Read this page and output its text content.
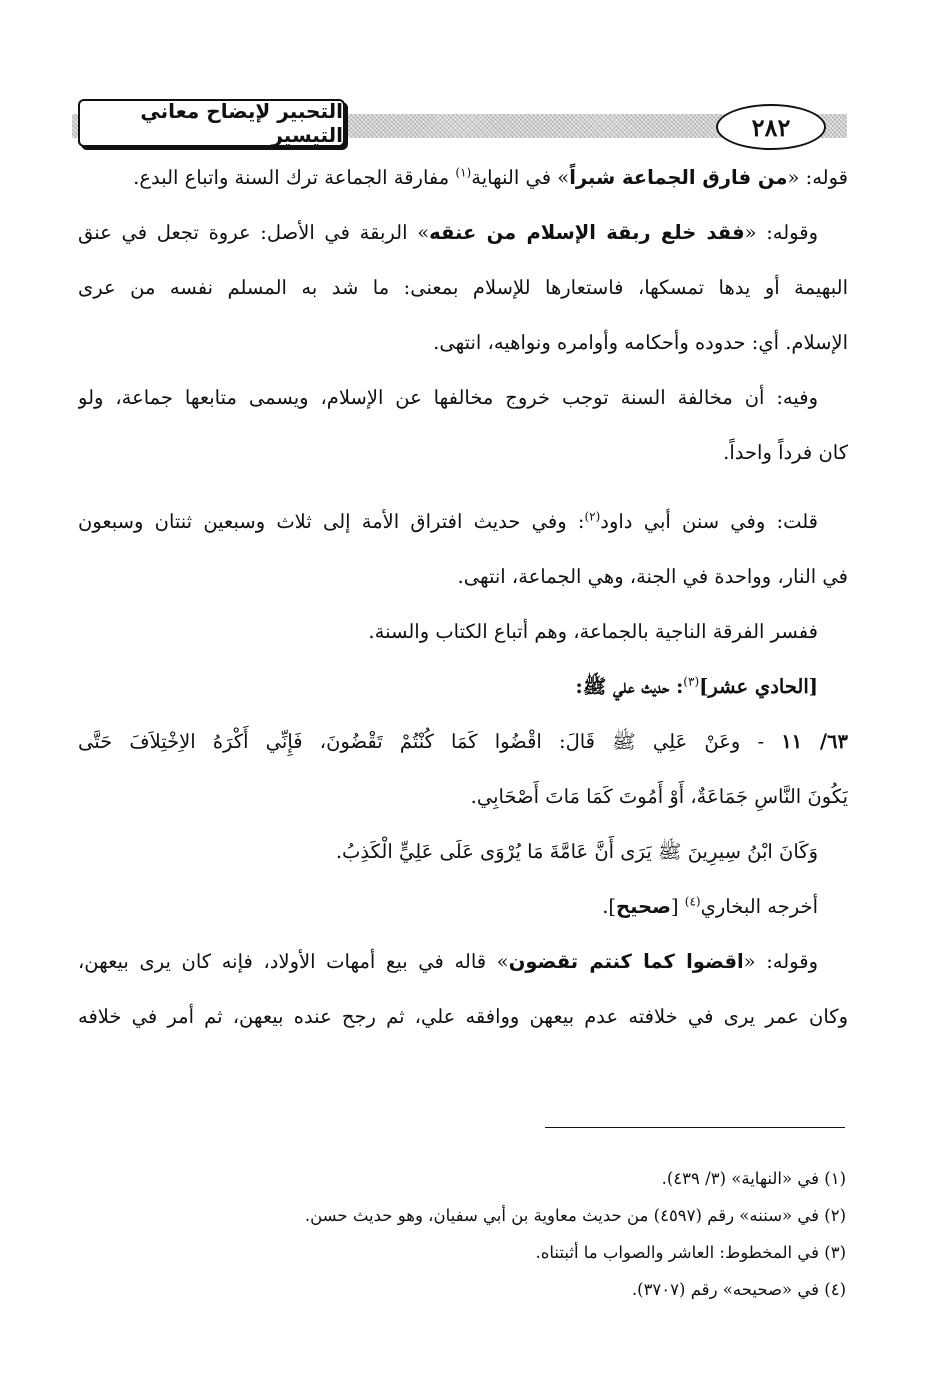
٢٨٢
التحبير لإيضاح معاني التيسير
قوله: «من فارق الجماعة شبراً» في النهاية$^{(١)}$ مفارقة الجماعة ترك السنة واتباع البدع.
وقوله: «فقد خلع ربقة الإسلام من عنقه» الربقة في الأصل: عروة تجعل في عنق
البهيمة أو يدها تمسكها، فاستعارها للإسلام بمعنى: ما شد به المسلم نفسه من عرى
الإسلام. أي: حدوده وأحكامه وأوامره ونواهيه، انتهى.
وفيه: أن مخالفة السنة توجب خروج مخالفها عن الإسلام، ويسمى متابعها جماعة، ولو
كان فرداً واحداً.
قلت: وفي سنن أبي داود$^{(٢)}$: وفي حديث افتراق الأمة إلى ثلاث وسبعين ثنتان وسبعون
في النار، وواحدة في الجنة، وهي الجماعة، انتهى.
ففسر الفرقة الناجية بالجماعة، وهم أتباع الكتاب والسنة.
[الحادي عشر]$^{(٣)}$: حديث علي ﷺ:
٦٣/ ١١ - وعَنْ عَلِي ﷺ قَالَ: اقْضُوا كَمَا كُنْتُمْ تَقْضُونَ، فَإِنِّي أَكْرَهُ الاِخْتِلاَفَ حَتَّى
يَكُونَ النَّاسِ جَمَاعَةٌ، أَوْ أَمُوتَ كَمَا مَاتَ أَصْحَابِي.
وَكَانَ ابْنُ سِيرِينَ ﷺ يَرَى أَنَّ عَامَّةَ مَا يُرْوَى عَلَى عَلِيٍّ الْكَذِبُ.
أخرجه البخاري$^{(٤)}$ [صحيح].
وقوله: «اقضوا كما كنتم تقضون» قاله في بيع أمهات الأولاد، فإنه كان يرى بيعهن،
وكان عمر يرى في خلافته عدم بيعهن ووافقه علي، ثم رجح عنده بيعهن، ثم أمر في خلافه
(١) في «النهاية» (٣/ ٤٣٩).
(٢) في «سننه» رقم (٤٥٩٧) من حديث معاوية بن أبي سفيان، وهو حديث حسن.
(٣) في المخطوط: العاشر والصواب ما أثبتناه.
(٤) في «صحيحه» رقم (٣٧٠٧).
